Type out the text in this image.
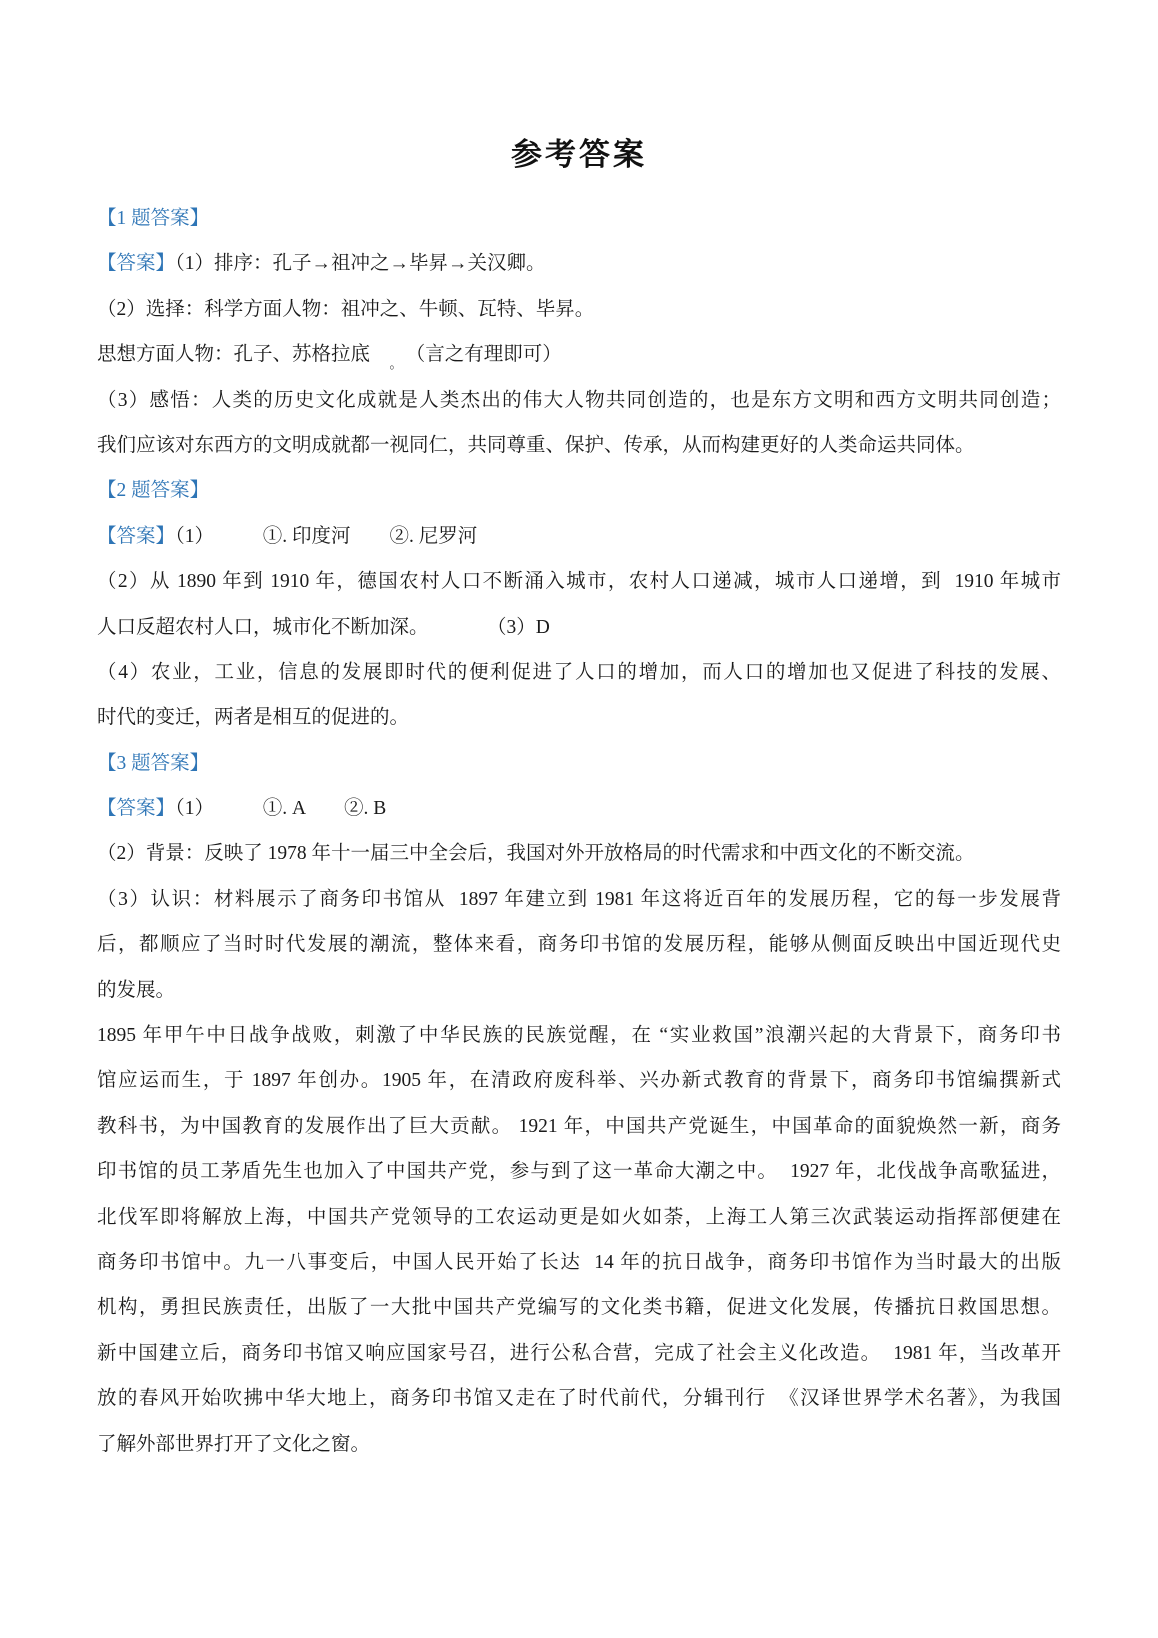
参考答案
【1 题答案】
【答案】（1）排序：孔子→祖冲之→毕昇→关汉卿。
（2）选择：科学方面人物：祖冲之、牛顿、瓦特、毕昇。
思想方面人物：孔子、苏格拉底　$_。$　（言之有理即可）
（3）感悟：人类的历史文化成就是人类杰出的伟大人物共同创造的，也是东方文明和西方文明共同创造；
我们应该对东西方的文明成就都一视同仁，共同尊重、保护、传承，从而构建更好的人类命运共同体。
【2 题答案】
【答案】（1）　　　①. 印度河　　②. 尼罗河
（2）从 1890 年到 1910 年，德国农村人口不断涌入城市，农村人口递减，城市人口递增，到  1910 年城市
人口反超农村人口，城市化不断加深。　　　　（3）D
（4）农业，工业，信息的发展即时代的便利促进了人口的增加，而人口的增加也又促进了科技的发展、
时代的变迁，两者是相互的促进的。
【3 题答案】
【答案】（1）　　　①. A　　②. B
（2）背景：反映了 1978 年十一届三中全会后，我国对外开放格局的时代需求和中西文化的不断交流。
（3）认识：材料展示了商务印书馆从  1897 年建立到 1981 年这将近百年的发展历程，它的每一步发展背
后，都顺应了当时时代发展的潮流，整体来看，商务印书馆的发展历程，能够从侧面反映出中国近现代史
的发展。
1895 年甲午中日战争战败，刺激了中华民族的民族觉醒，在 “实业救国”浪潮兴起的大背景下，商务印书
馆应运而生，于 1897 年创办。1905 年，在清政府废科举、兴办新式教育的背景下，商务印书馆编撰新式
教科书，为中国教育的发展作出了巨大贡献。 1921 年，中国共产党诞生，中国革命的面貌焕然一新，商务
印书馆的员工茅盾先生也加入了中国共产党，参与到了这一革命大潮之中。  1927 年，北伐战争高歌猛进，
北伐军即将解放上海，中国共产党领导的工农运动更是如火如荼，上海工人第三次武装运动指挥部便建在
商务印书馆中。九一八事变后，中国人民开始了长达  14 年的抗日战争，商务印书馆作为当时最大的出版
机构，勇担民族责任，出版了一大批中国共产党编写的文化类书籍，促进文化发展，传播抗日救国思想。
新中国建立后，商务印书馆又响应国家号召，进行公私合营，完成了社会主义化改造。  1981 年，当改革开
放的春风开始吹拂中华大地上，商务印书馆又走在了时代前代，分辑刊行  《汉译世界学术名著》，为我国
了解外部世界打开了文化之窗。
